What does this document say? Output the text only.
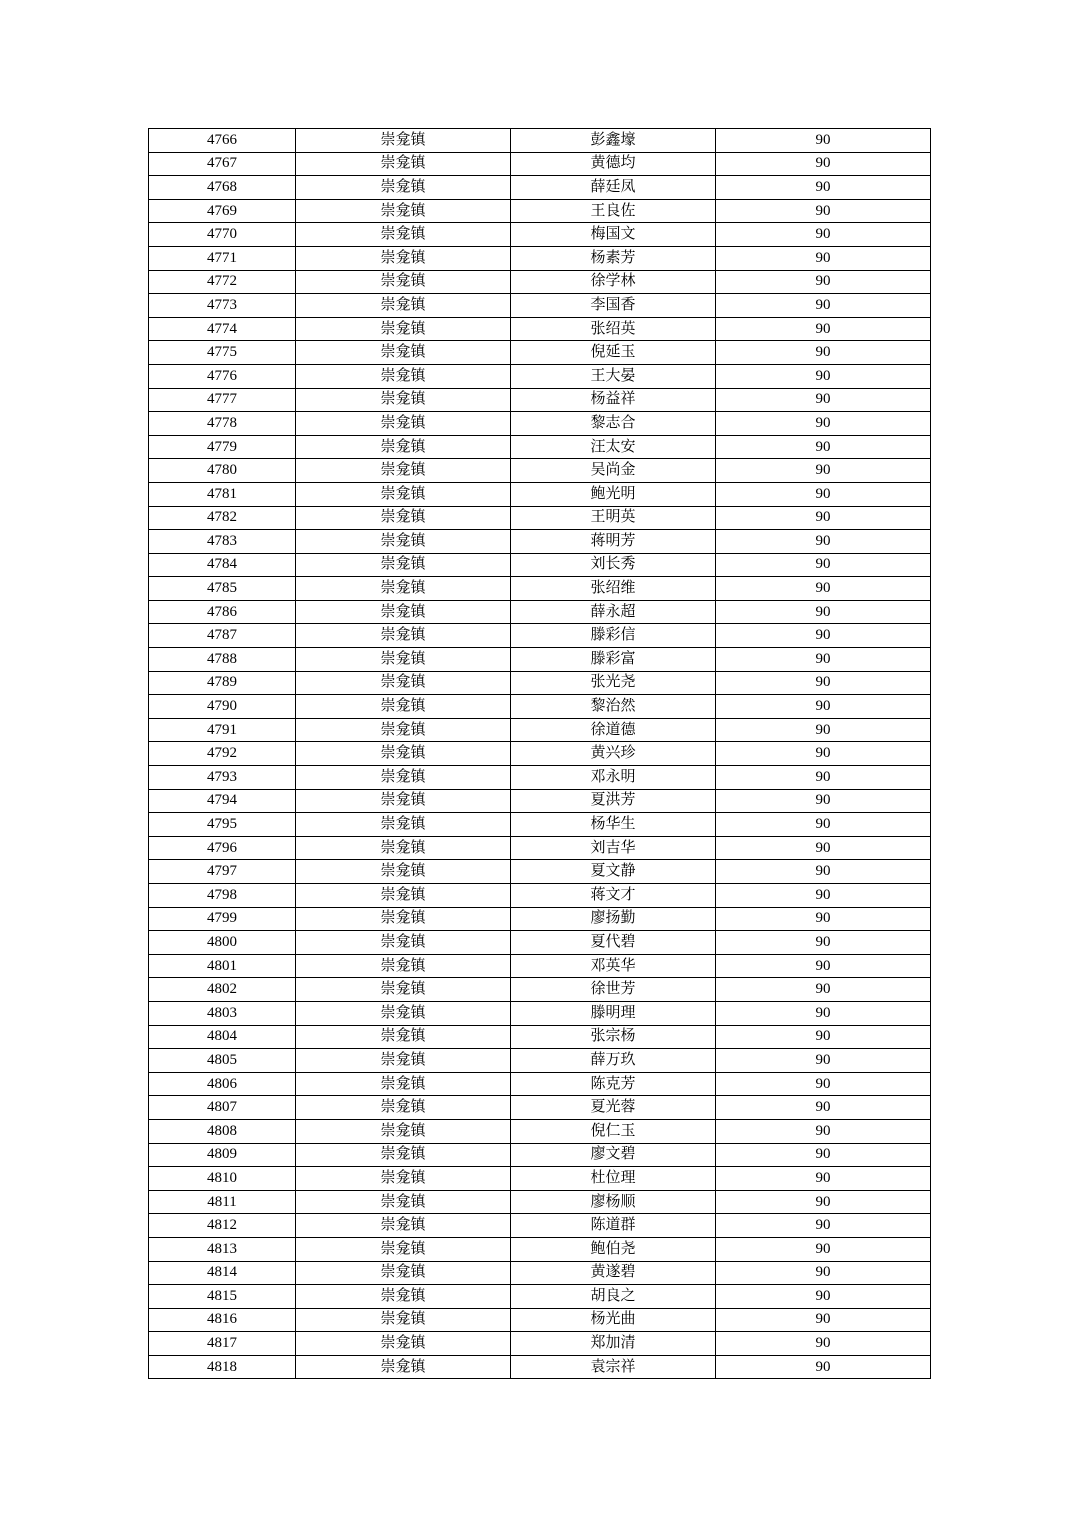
4766	崇龛镇	彭鑫壕	90
4767	崇龛镇	黄德均	90
4768	崇龛镇	薛廷凤	90
4769	崇龛镇	王良佐	90
4770	崇龛镇	梅国文	90
4771	崇龛镇	杨素芳	90
4772	崇龛镇	徐学林	90
4773	崇龛镇	李国香	90
4774	崇龛镇	张绍英	90
4775	崇龛镇	倪延玉	90
4776	崇龛镇	王大晏	90
4777	崇龛镇	杨益祥	90
4778	崇龛镇	黎志合	90
4779	崇龛镇	汪太安	90
4780	崇龛镇	吴尚金	90
4781	崇龛镇	鲍光明	90
4782	崇龛镇	王明英	90
4783	崇龛镇	蒋明芳	90
4784	崇龛镇	刘长秀	90
4785	崇龛镇	张绍维	90
4786	崇龛镇	薛永超	90
4787	崇龛镇	滕彩信	90
4788	崇龛镇	滕彩富	90
4789	崇龛镇	张光尧	90
4790	崇龛镇	黎治然	90
4791	崇龛镇	徐道德	90
4792	崇龛镇	黄兴珍	90
4793	崇龛镇	邓永明	90
4794	崇龛镇	夏洪芳	90
4795	崇龛镇	杨华生	90
4796	崇龛镇	刘吉华	90
4797	崇龛镇	夏文静	90
4798	崇龛镇	蒋文才	90
4799	崇龛镇	廖扬勤	90
4800	崇龛镇	夏代碧	90
4801	崇龛镇	邓英华	90
4802	崇龛镇	徐世芳	90
4803	崇龛镇	滕明理	90
4804	崇龛镇	张宗杨	90
4805	崇龛镇	薛万玖	90
4806	崇龛镇	陈克芳	90
4807	崇龛镇	夏光蓉	90
4808	崇龛镇	倪仁玉	90
4809	崇龛镇	廖文碧	90
4810	崇龛镇	杜位理	90
4811	崇龛镇	廖杨顺	90
4812	崇龛镇	陈道群	90
4813	崇龛镇	鲍伯尧	90
4814	崇龛镇	黄遂碧	90
4815	崇龛镇	胡良之	90
4816	崇龛镇	杨光曲	90
4817	崇龛镇	郑加清	90
4818	崇龛镇	袁宗祥	90
